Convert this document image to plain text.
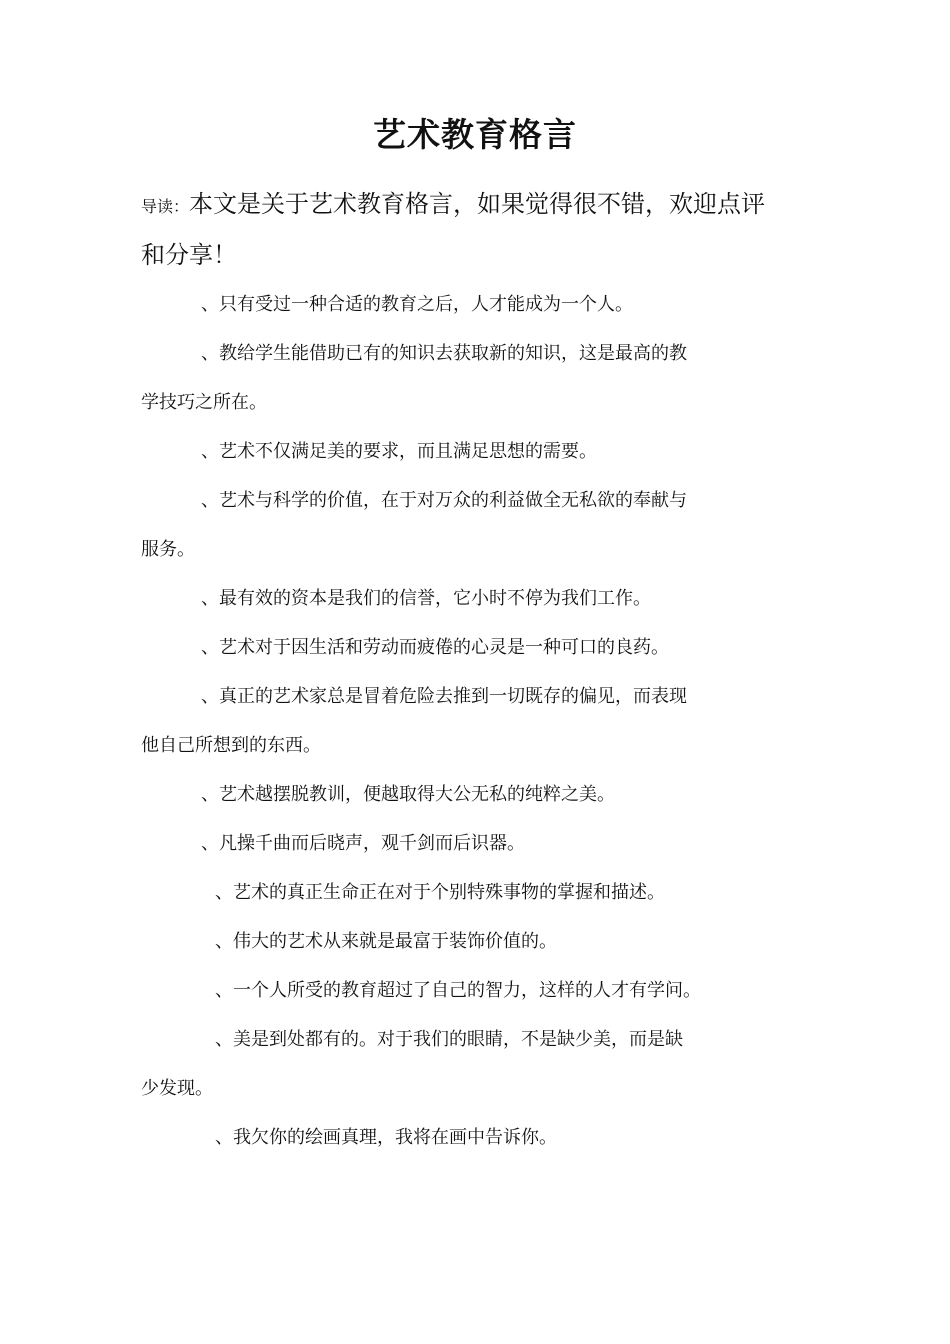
艺术教育格言
导读：本文是关于艺术教育格言，如果觉得很不错，欢迎点评
和分享！
、只有受过一种合适的教育之后，人才能成为一个人。
、教给学生能借助已有的知识去获取新的知识，这是最高的教
学技巧之所在。
、艺术不仅满足美的要求，而且满足思想的需要。
、艺术与科学的价值，在于对万众的利益做全无私欲的奉献与
服务。
、最有效的资本是我们的信誉，它小时不停为我们工作。
、艺术对于因生活和劳动而疲倦的心灵是一种可口的良药。
、真正的艺术家总是冒着危险去推到一切既存的偏见，而表现
他自己所想到的东西。
、艺术越摆脱教训，便越取得大公无私的纯粹之美。
、凡操千曲而后晓声，观千剑而后识器。
、艺术的真正生命正在对于个别特殊事物的掌握和描述。
、伟大的艺术从来就是最富于装饰价值的。
、一个人所受的教育超过了自己的智力，这样的人才有学问。
、美是到处都有的。对于我们的眼睛，不是缺少美，而是缺
少发现。
、我欠你的绘画真理，我将在画中告诉你。
